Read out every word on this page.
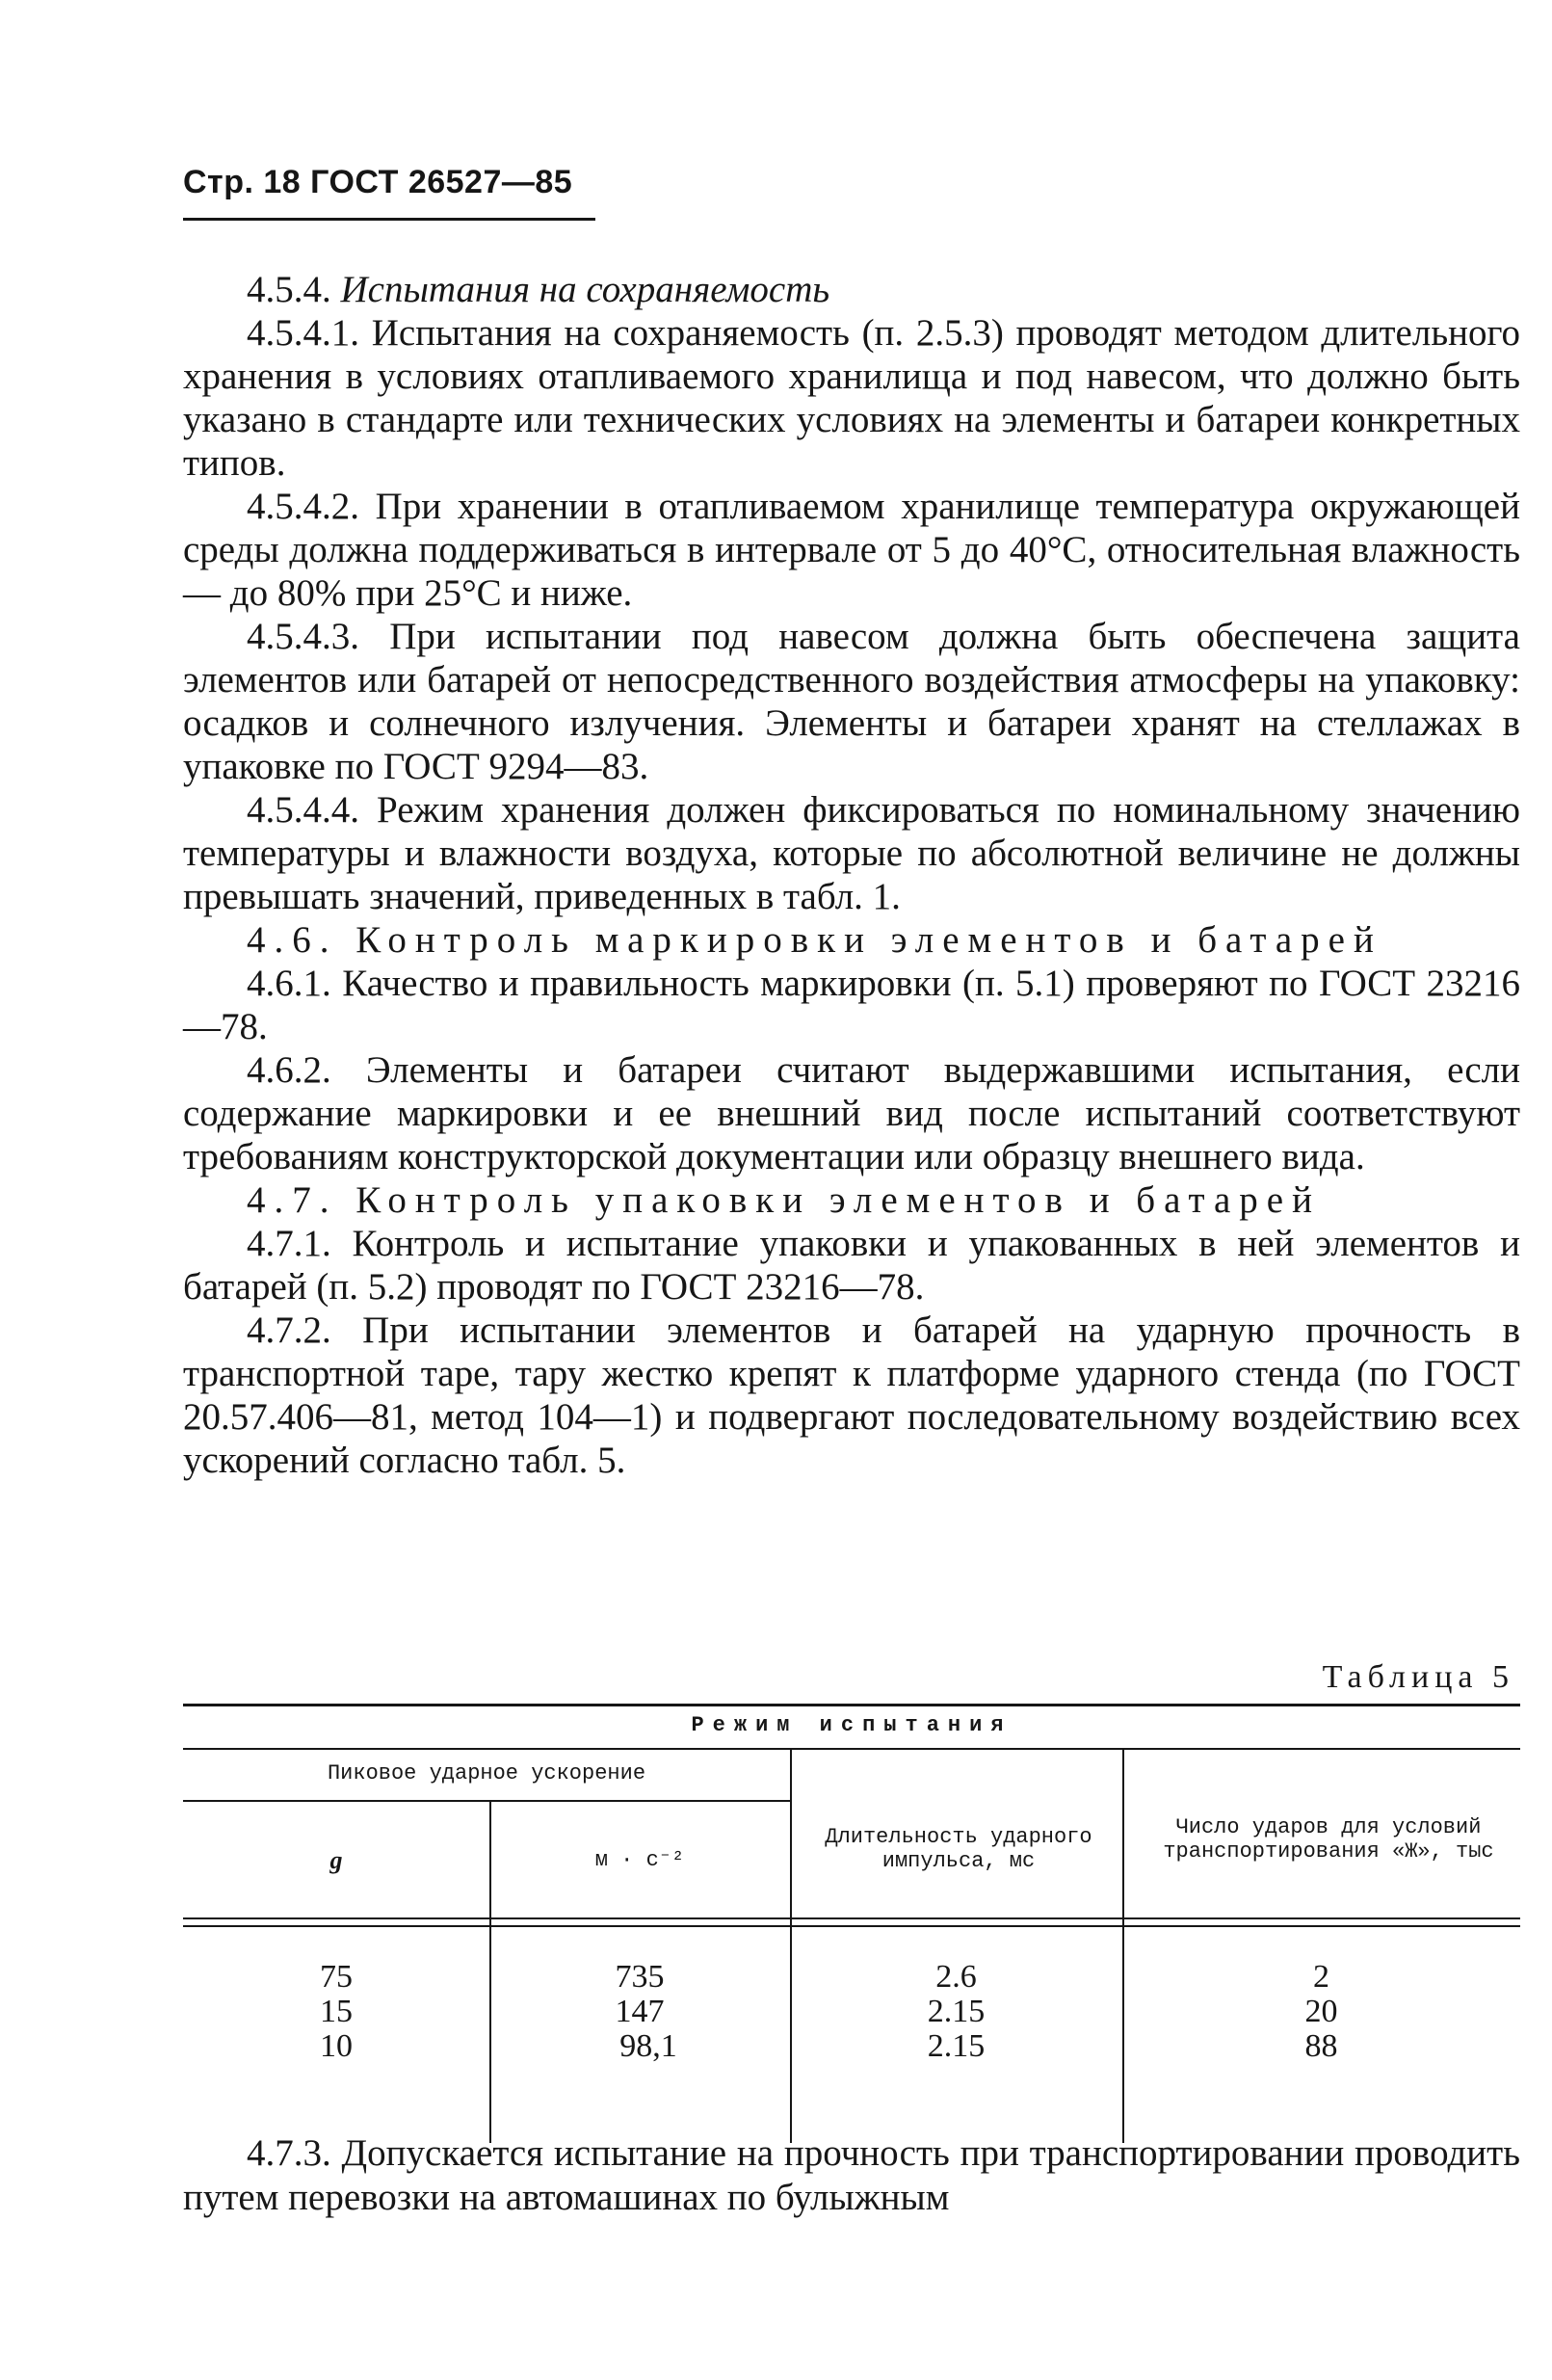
Стр. 18 ГОСТ 26527—85

4.5.4. Испытания на сохраняемость

4.5.4.1. Испытания на сохраняемость (п. 2.5.3) проводят методом длительного хранения в условиях отапливаемого хранилища и под навесом, что должно быть указано в стандарте или технических условиях на элементы и батареи конкретных типов.

4.5.4.2. При хранении в отапливаемом хранилище температура окружающей среды должна поддерживаться в интервале от 5 до 40°С, относительная влажность — до 80% при 25°С и ниже.

4.5.4.3. При испытании под навесом должна быть обеспечена защита элементов или батарей от непосредственного воздействия атмосферы на упаковку: осадков и солнечного излучения. Элементы и батареи хранят на стеллажах в упаковке по ГОСТ 9294—83.

4.5.4.4. Режим хранения должен фиксироваться по номинальному значению температуры и влажности воздуха, которые по абсолютной величине не должны превышать значений, приведенных в табл. 1.

4.6. Контроль маркировки элементов и батарей

4.6.1. Качество и правильность маркировки (п. 5.1) проверяют по ГОСТ 23216—78.

4.6.2. Элементы и батареи считают выдержавшими испытания, если содержание маркировки и ее внешний вид после испытаний соответствуют требованиям конструкторской документации или образцу внешнего вида.

4.7. Контроль упаковки элементов и батарей

4.7.1. Контроль и испытание упаковки и упакованных в ней элементов и батарей (п. 5.2) проводят по ГОСТ 23216—78.

4.7.2. При испытании элементов и батарей на ударную прочность в транспортной таре, тару жестко крепят к платформе ударного стенда (по ГОСТ 20.57.406—81, метод 104—1) и подвергают последовательному воздействию всех ускорений согласно табл. 5.

Таблица 5
Режим испытания
Пиковое ударное ускорение
g	м · с⁻²
Длительность ударного импульса, мс
Число ударов для условий транспортирования «Ж», тыс
75	735	2.6	2
15	147	2.15	20
10	98,1	2.15	88

4.7.3. Допускается испытание на прочность при транспортировании проводить путем перевозки на автомашинах по булыжным
